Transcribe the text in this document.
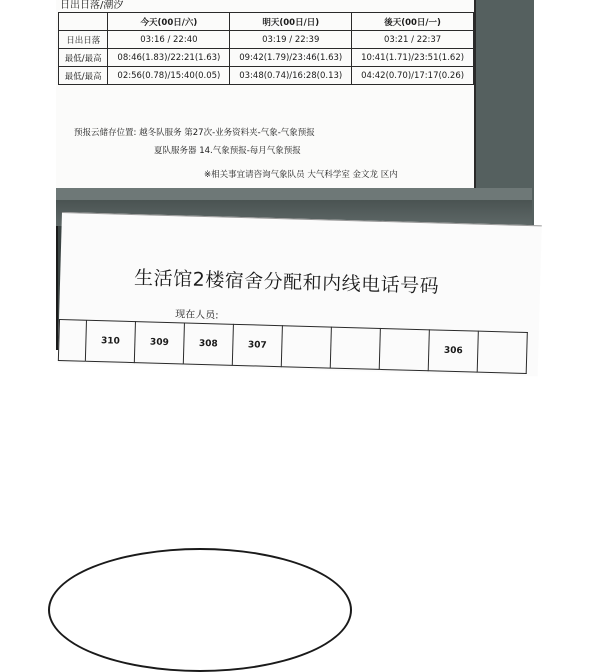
日出日落/潮汐
	今天(00日/六)	明天(00日/日)	後天(00日/一)
日出日落	03:16 / 22:40	03:19 / 22:39	03:21 / 22:37
最低/最高	08:46(1.83)/22:21(1.63)	09:42(1.79)/23:46(1.63)	10:41(1.71)/23:51(1.62)
最低/最高	02:56(0.78)/15:40(0.05)	03:48(0.74)/16:28(0.13)	04:42(0.70)/17:17(0.26)
预报云储存位置: 越冬队服务 第27次-业务资料夹-气象-气象预报
夏队服务器 14.气象预报-每月气象预报
※相关事宜请咨询气象队员 大气科学室 金文龙 区内
生活馆2楼宿舍分配和内线电话号码
现在人员:
310	309	308	307
306
